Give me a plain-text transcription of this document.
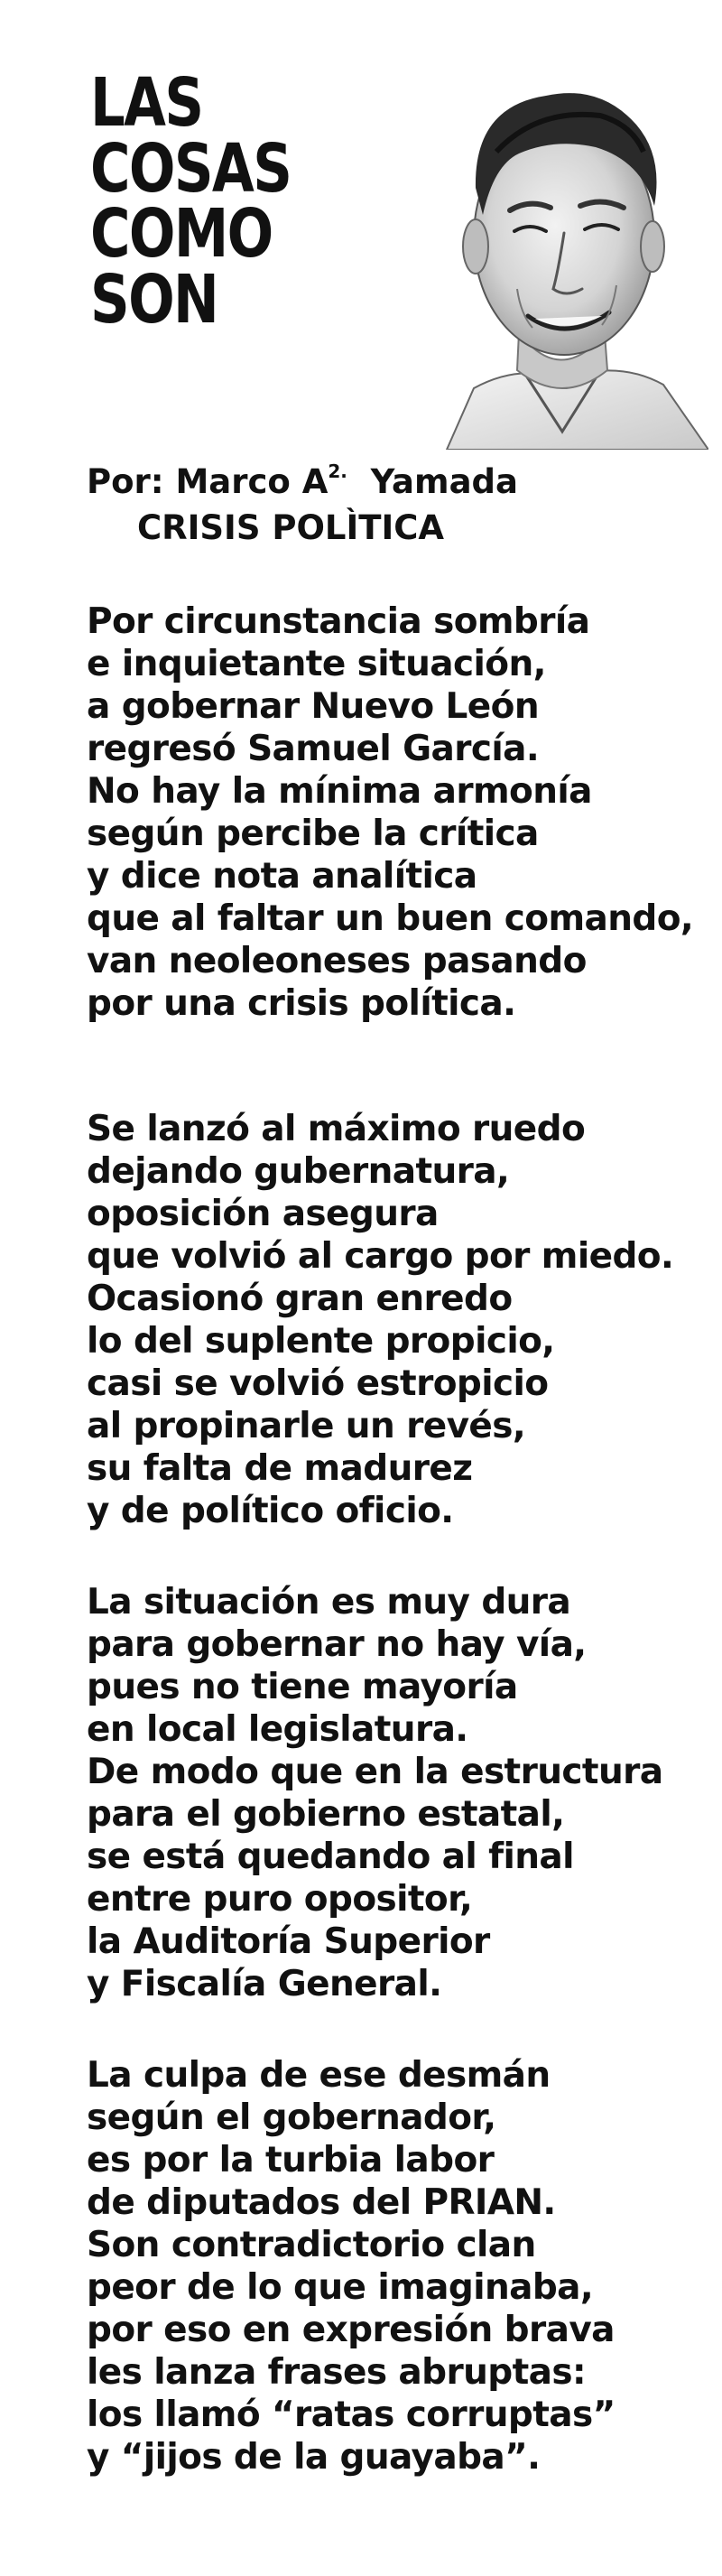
LAS
COSAS
COMO
SON
Por: Marco $A^{2.}$ Yamada
CRISIS POLÌTICA

Por circunstancia sombría
e inquietante situación,
a gobernar Nuevo León
regresó Samuel García.
No hay la mínima armonía
según percibe la crítica
y dice nota analítica
que al faltar un buen comando,
van neoleoneses pasando
por una crisis política.

Se lanzó al máximo ruedo
dejando gubernatura,
oposición asegura
que volvió al cargo por miedo.
Ocasionó gran enredo
lo del suplente propicio,
casi se volvió estropicio
al propinarle un revés,
su falta de madurez
y de político oficio.

La situación es muy dura
para gobernar no hay vía,
pues no tiene mayoría
en local legislatura.
De modo que en la estructura
para el gobierno estatal,
se está quedando al final
entre puro opositor,
la Auditoría Superior
y Fiscalía General.

La culpa de ese desmán
según el gobernador,
es por la turbia labor
de diputados del PRIAN.
Son contradictorio clan
peor de lo que imaginaba,
por eso en expresión brava
les lanza frases abruptas:
los llamó “ratas corruptas”
y “jijos de la guayaba”.
